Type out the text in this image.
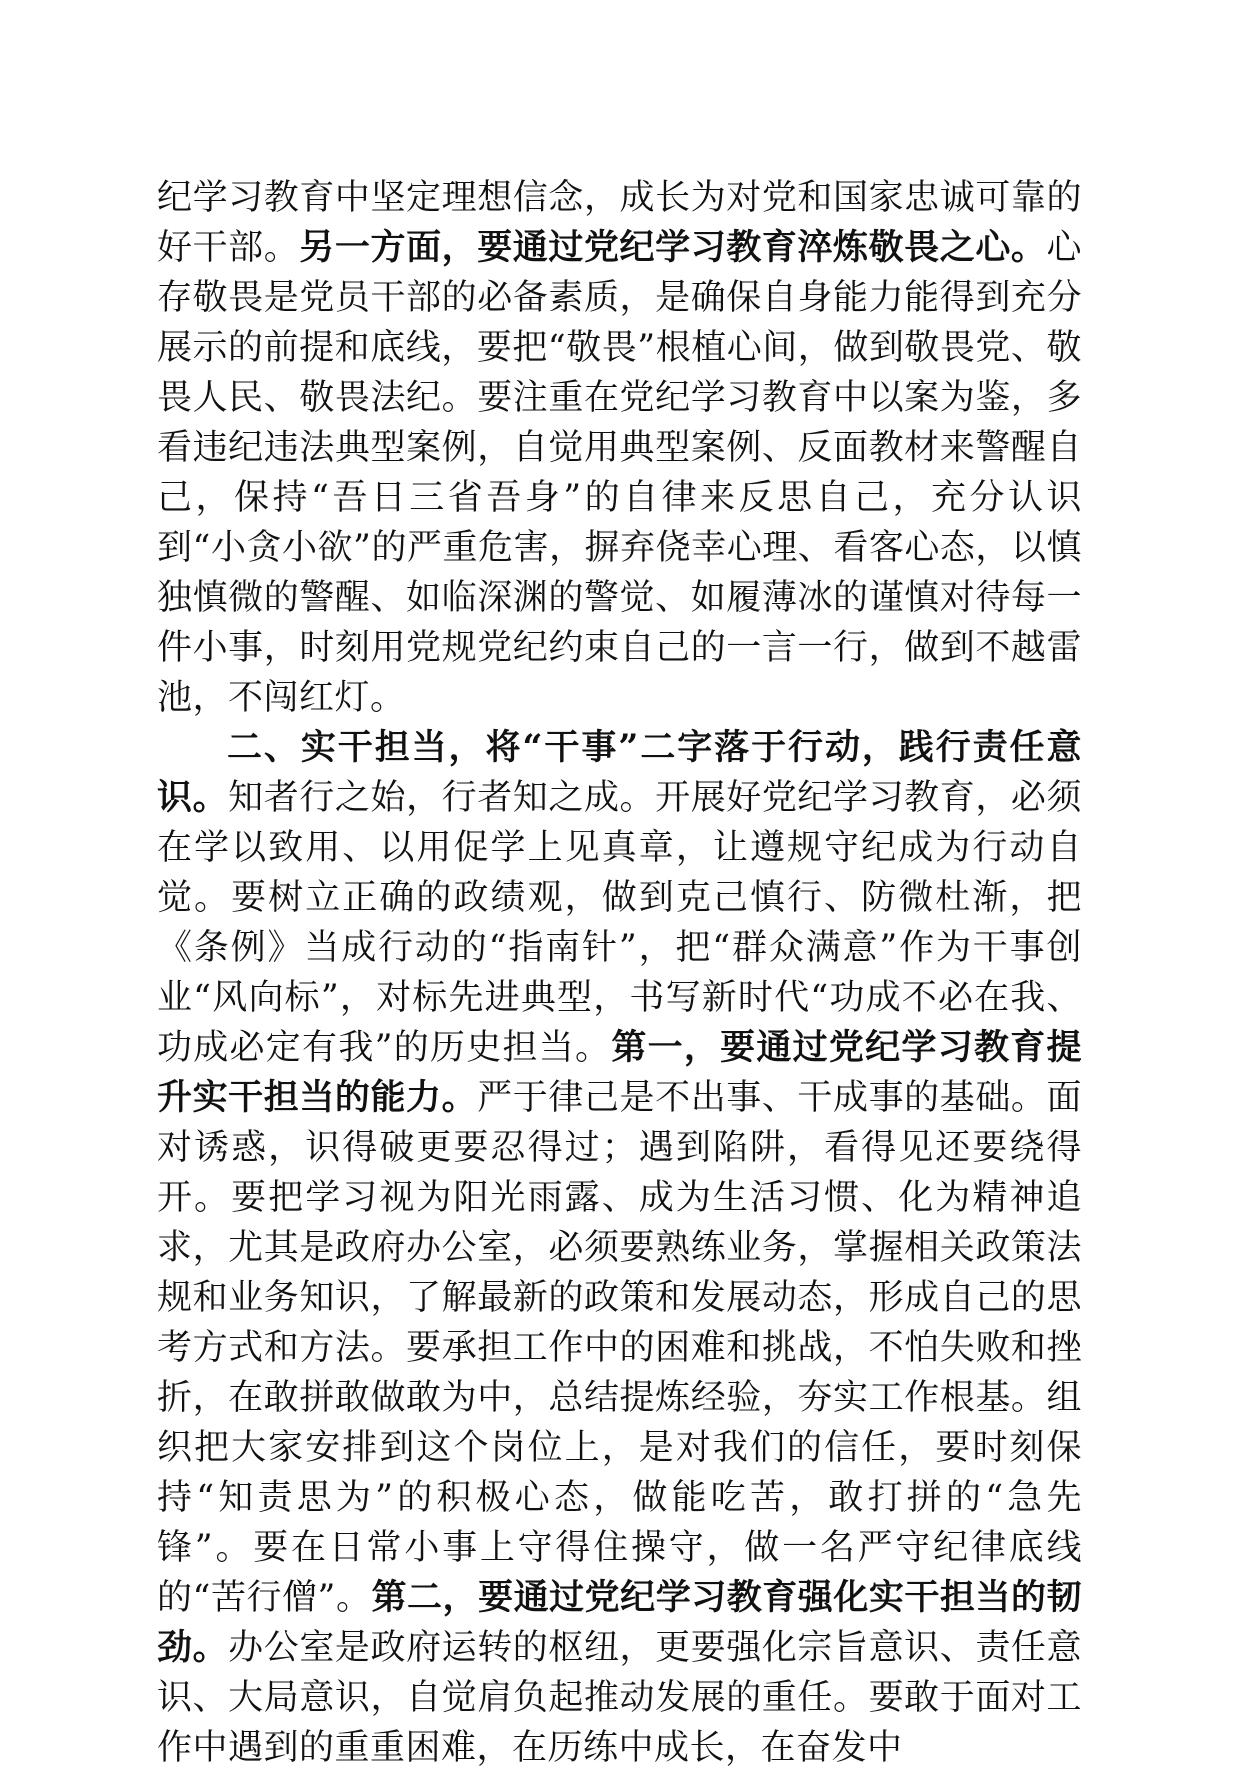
纪学习教育中坚定理想信念，成长为对党和国家忠诚可靠的好干部。另一方面，要通过党纪学习教育淬炼敬畏之心。心存敬畏是党员干部的必备素质，是确保自身能力能得到充分展示的前提和底线，要把“敬畏”根植心间，做到敬畏党、敬畏人民、敬畏法纪。要注重在党纪学习教育中以案为鉴，多看违纪违法典型案例，自觉用典型案例、反面教材来警醒自己，保持“吾日三省吾身”的自律来反思自己，充分认识到“小贪小欲”的严重危害，摒弃侥幸心理、看客心态，以慎独慎微的警醒、如临深渊的警觉、如履薄冰的谨慎对待每一件小事，时刻用党规党纪约束自己的一言一行，做到不越雷池，不闯红灯。

二、实干担当，将“干事”二字落于行动，践行责任意识。知者行之始，行者知之成。开展好党纪学习教育，必须在学以致用、以用促学上见真章，让遵规守纪成为行动自觉。要树立正确的政绩观，做到克己慎行、防微杜渐，把《条例》当成行动的“指南针”，把“群众满意”作为干事创业“风向标”，对标先进典型，书写新时代“功成不必在我、功成必定有我”的历史担当。第一，要通过党纪学习教育提升实干担当的能力。严于律己是不出事、干成事的基础。面对诱惑，识得破更要忍得过；遇到陷阱，看得见还要绕得开。要把学习视为阳光雨露、成为生活习惯、化为精神追求，尤其是政府办公室，必须要熟练业务，掌握相关政策法规和业务知识，了解最新的政策和发展动态，形成自己的思考方式和方法。要承担工作中的困难和挑战，不怕失败和挫折，在敢拼敢做敢为中，总结提炼经验，夯实工作根基。组织把大家安排到这个岗位上，是对我们的信任，要时刻保持“知责思为”的积极心态，做能吃苦，敢打拼的“急先锋”。要在日常小事上守得住操守，做一名严守纪律底线的“苦行僧”。第二，要通过党纪学习教育强化实干担当的韧劲。办公室是政府运转的枢纽，更要强化宗旨意识、责任意识、大局意识，自觉肩负起推动发展的重任。要敢于面对工作中遇到的重重困难，在历练中成长，在奋发中
